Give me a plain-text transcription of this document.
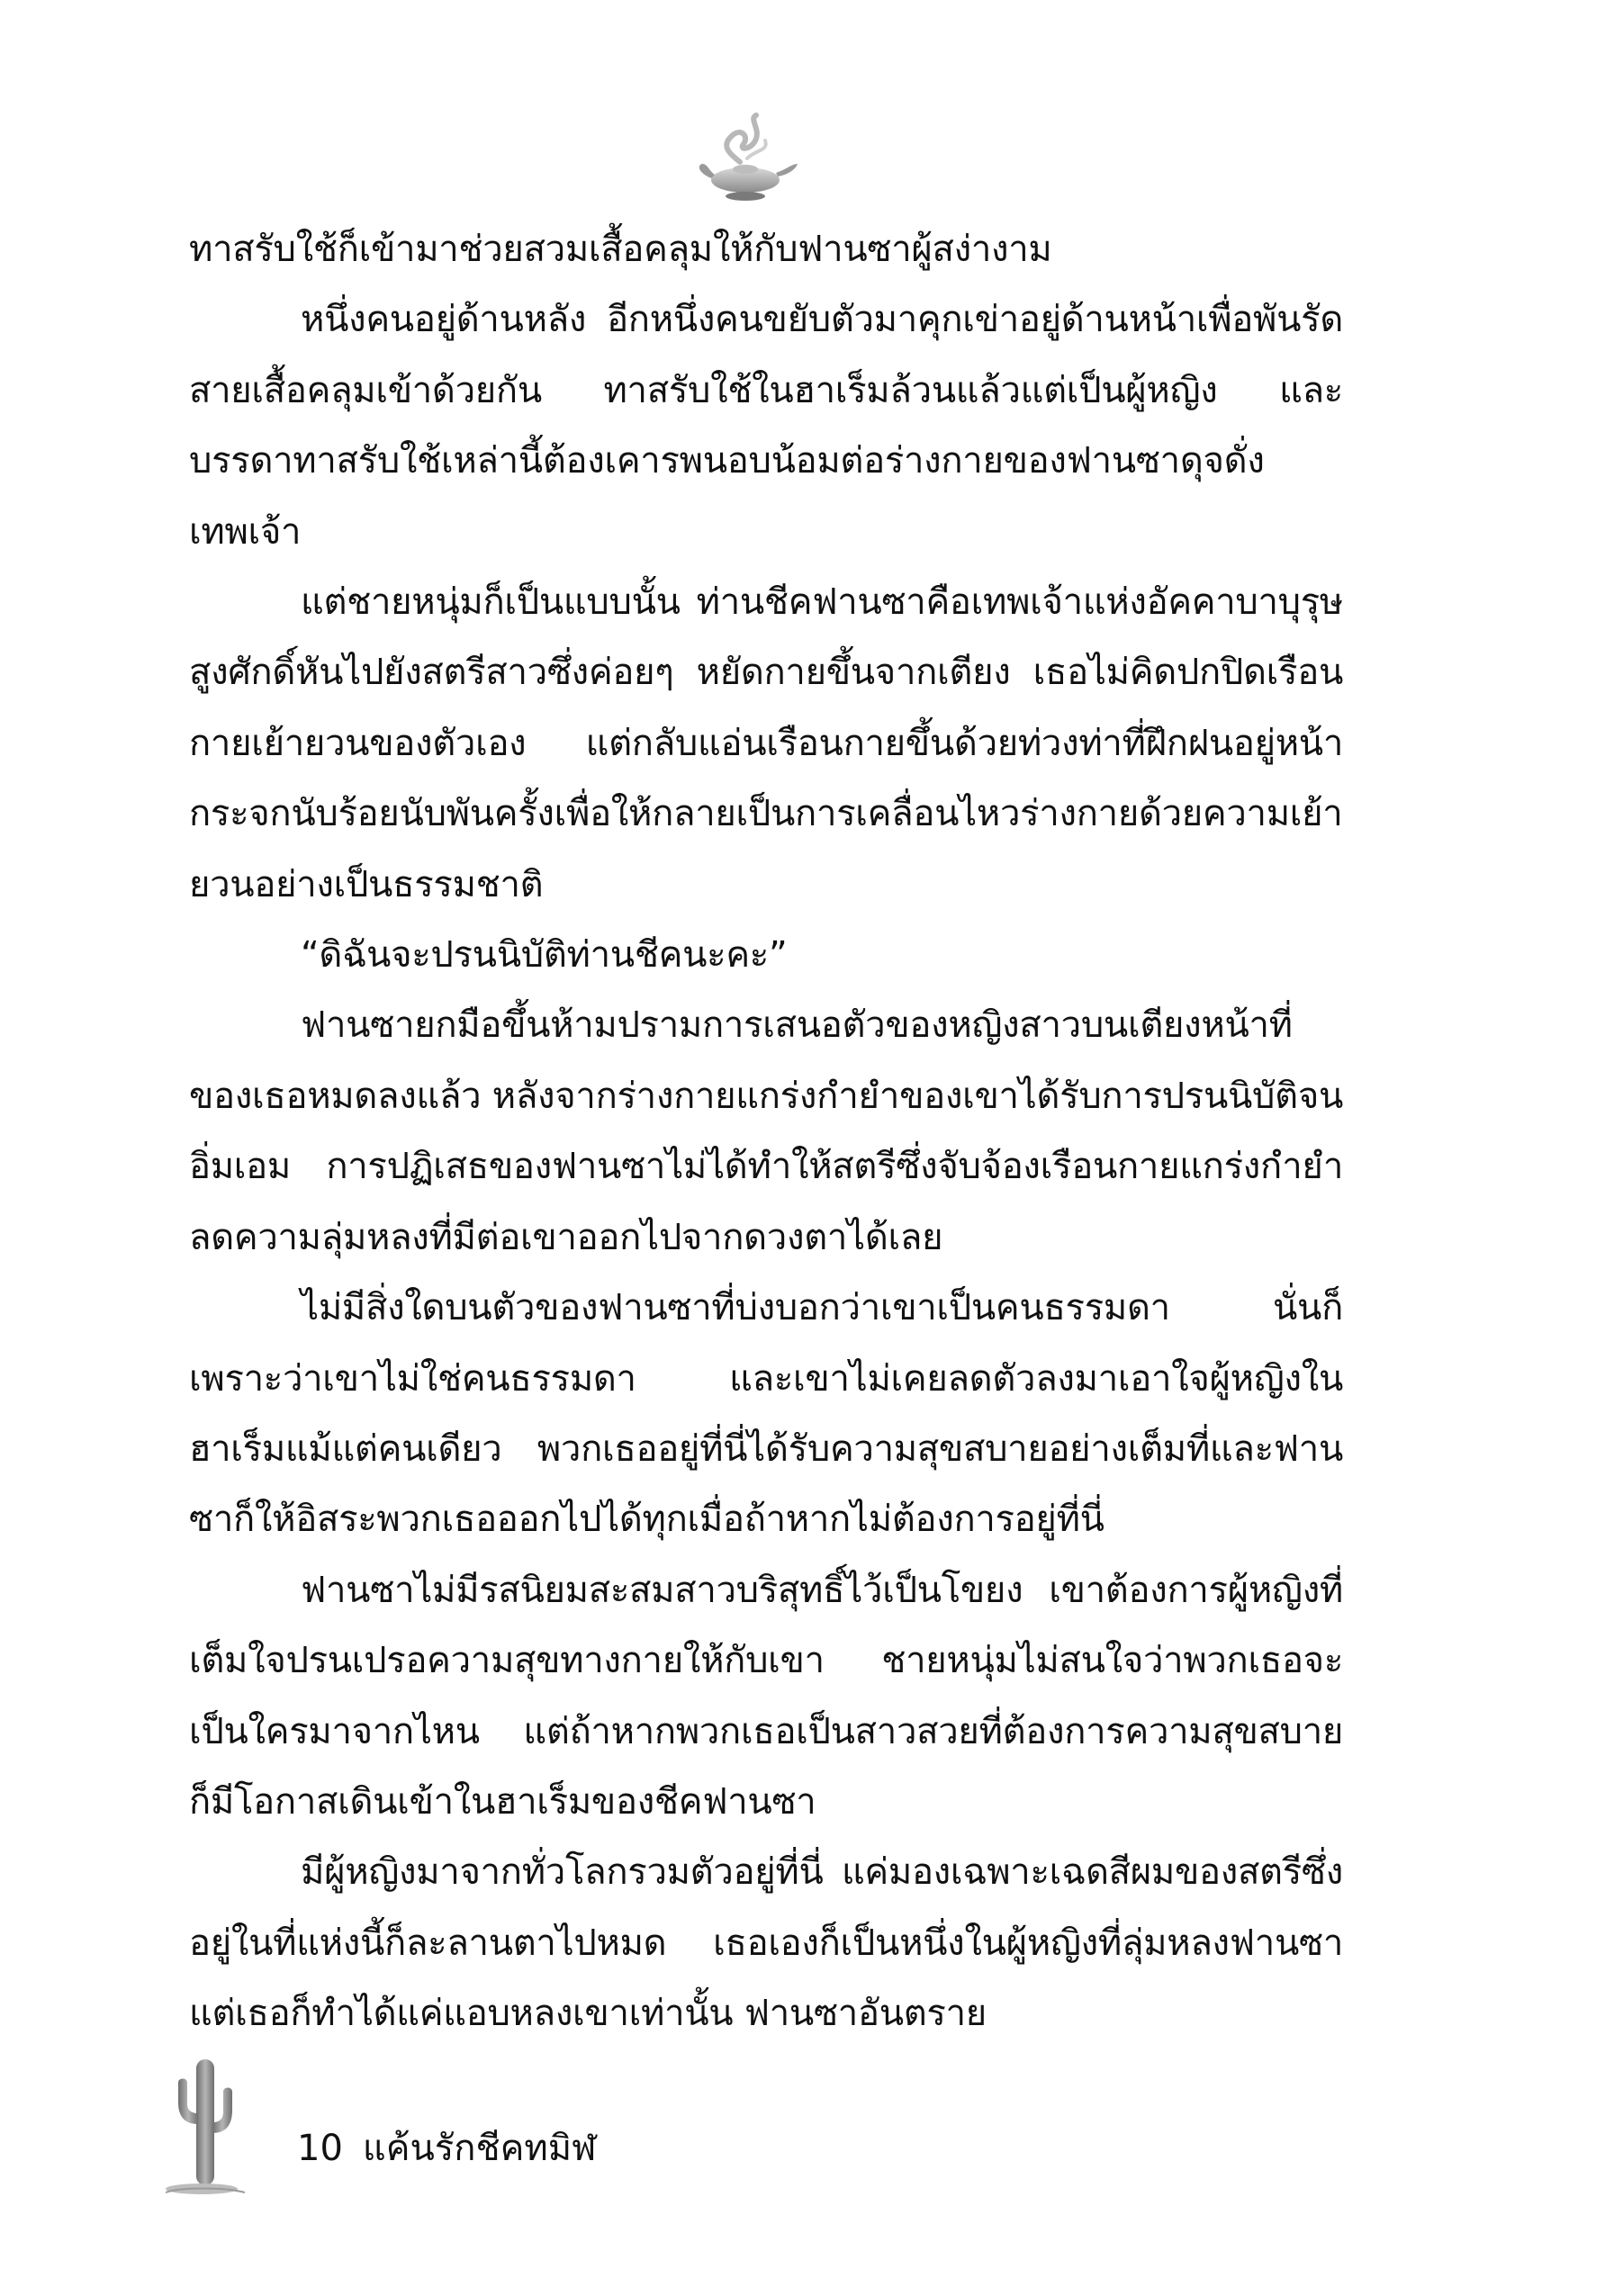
ทาสรับใช้ก็เข้ามาช่วยสวมเสื้อคลุมให้กับฟานซาผู้สง่างาม

หนึ่งคนอยู่ด้านหลัง อีกหนึ่งคนขยับตัวมาคุกเข่าอยู่ด้านหน้าเพื่อพันรัดสายเสื้อคลุมเข้าด้วยกัน ทาสรับใช้ในฮาเร็มล้วนแล้วแต่เป็นผู้หญิง และบรรดาทาสรับใช้เหล่านี้ต้องเคารพนอบน้อมต่อร่างกายของฟานซาดุจดั่งเทพเจ้า

แต่ชายหนุ่มก็เป็นแบบนั้น ท่านชีคฟานซาคือเทพเจ้าแห่งอัคคาบาบุรุษสูงศักดิ์หันไปยังสตรีสาวซึ่งค่อยๆ หยัดกายขึ้นจากเตียง เธอไม่คิดปกปิดเรือนกายเย้ายวนของตัวเอง แต่กลับแอ่นเรือนกายขึ้นด้วยท่วงท่าที่ฝึกฝนอยู่หน้ากระจกนับร้อยนับพันครั้งเพื่อให้กลายเป็นการเคลื่อนไหวร่างกายด้วยความเย้ายวนอย่างเป็นธรรมชาติ

“ดิฉันจะปรนนิบัติท่านชีคนะคะ”

ฟานซายกมือขึ้นห้ามปรามการเสนอตัวของหญิงสาวบนเตียงหน้าที่ของเธอหมดลงแล้ว หลังจากร่างกายแกร่งกำยำของเขาได้รับการปรนนิบัติจนอิ่มเอม การปฏิเสธของฟานซาไม่ได้ทำให้สตรีซึ่งจับจ้องเรือนกายแกร่งกำยำลดความลุ่มหลงที่มีต่อเขาออกไปจากดวงตาได้เลย

ไม่มีสิ่งใดบนตัวของฟานซาที่บ่งบอกว่าเขาเป็นคนธรรมดา นั่นก็เพราะว่าเขาไม่ใช่คนธรรมดา และเขาไม่เคยลดตัวลงมาเอาใจผู้หญิงในฮาเร็มแม้แต่คนเดียว พวกเธออยู่ที่นี่ได้รับความสุขสบายอย่างเต็มที่และฟานซาก็ให้อิสระพวกเธอออกไปได้ทุกเมื่อถ้าหากไม่ต้องการอยู่ที่นี่

ฟานซาไม่มีรสนิยมสะสมสาวบริสุทธิ์ไว้เป็นโขยง เขาต้องการผู้หญิงที่เต็มใจปรนเปรอความสุขทางกายให้กับเขา ชายหนุ่มไม่สนใจว่าพวกเธอจะเป็นใครมาจากไหน แต่ถ้าหากพวกเธอเป็นสาวสวยที่ต้องการความสุขสบาย ก็มีโอกาสเดินเข้าในฮาเร็มของชีคฟานซา

มีผู้หญิงมาจากทั่วโลกรวมตัวอยู่ที่นี่ แค่มองเฉพาะเฉดสีผมของสตรีซึ่งอยู่ในที่แห่งนี้ก็ละลานตาไปหมด เธอเองก็เป็นหนึ่งในผู้หญิงที่ลุ่มหลงฟานซา แต่เธอก็ทำได้แค่แอบหลงเขาเท่านั้น ฟานซาอันตราย

10 แค้นรักชีคทมิฬ
